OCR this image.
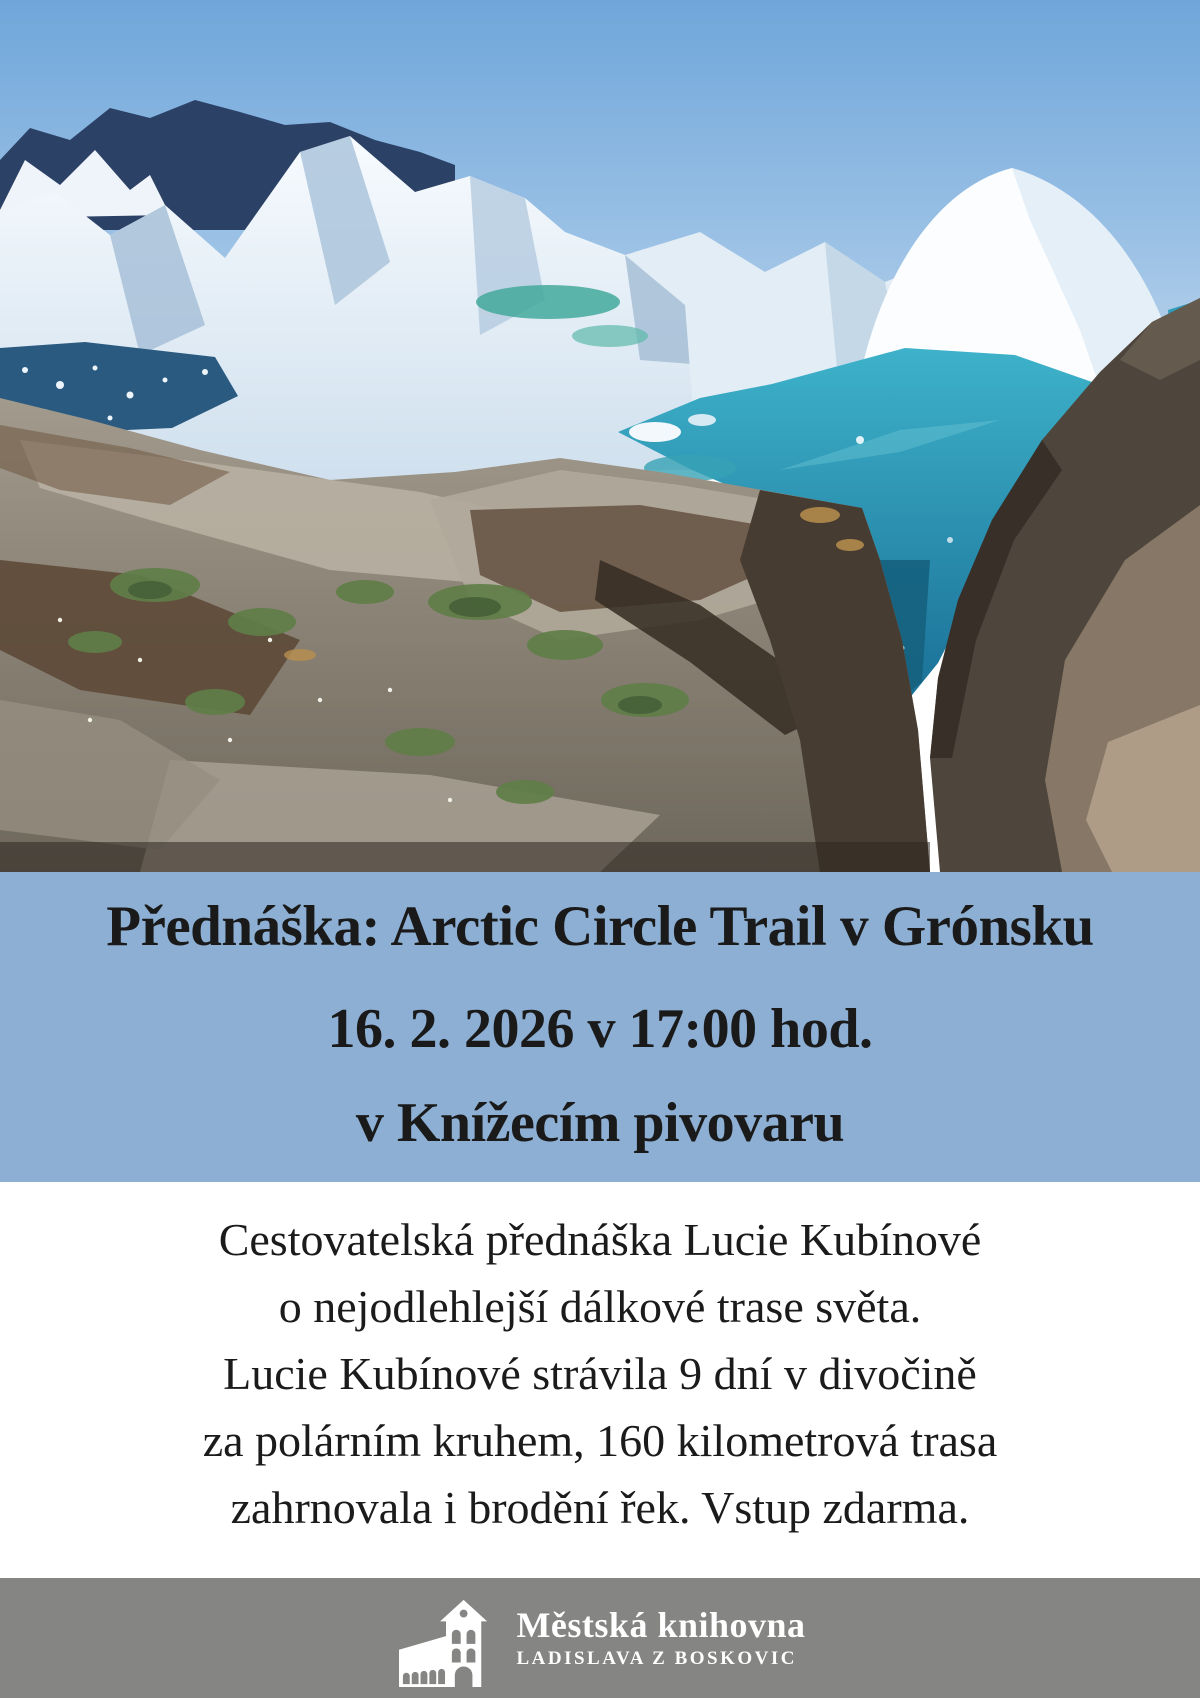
Přednáška: Arctic Circle Trail v Grónsku

16. 2. 2026 v 17:00 hod.

v Knížecím pivovaru

Cestovatelská přednáška Lucie Kubínové

o nejodlehlejší dálkové trase světa.

Lucie Kubínové strávila 9 dní v divočině

za polárním kruhem, 160 kilometrová trasa

zahrnovala i brodění řek. Vstup zdarma.

Městská knihovna
LADISLAVA Z BOSKOVIC
